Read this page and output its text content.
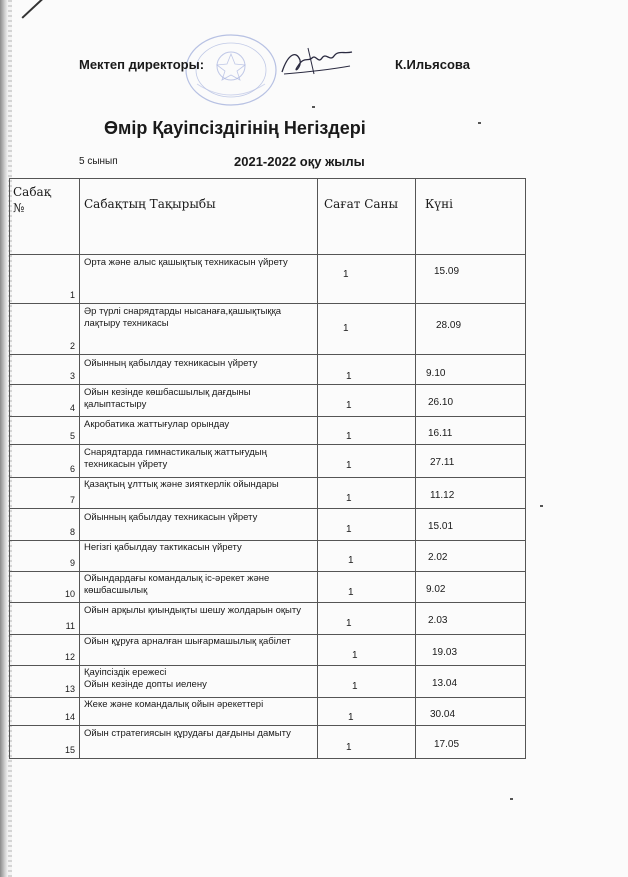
Мектеп директоры:	К.Ильясова
Өмір Қауіпсіздігінің Негіздері
5 сынып	2021-2022 оқу жылы
Сабақ №	Сабақтың Тақырыбы	Сағат Саны	Күні

1	Орта және алыс қашықтық техникасын үйрету	1	15.09

2	Әр түрлі снарядтарды нысанаға,қашықтыққа лақтыру техникасы	1	28.09

3	Ойынның қабылдау техникасын үйрету	1	9.10

4	Ойын кезінде көшбасшылық дағдыны қалыптастыру	1	26.10

5	Акробатика жаттығулар орындау	1	16.11

6	Снарядтарда гимнастикалық жаттығудың техникасын үйрету	1	27.11

7	Қазақтың ұлттық және зияткерлік ойындары	1	11.12

8	Ойынның қабылдау техникасын үйрету	1	15.01

9	Негізгі қабылдау тактикасын үйрету	1	2.02

10	Ойындардағы командалық іс-әрекет және көшбасшылық	1	9.02

11	Ойын арқылы қиындықты шешу жолдарын оқыту	1	2.03

12	Ойын құруға арналған шығармашылық қабілет	1	19.03

13	Қауіпсіздік ережесі
Ойын кезінде допты иелену	1	13.04

14	Жеке және командалық ойын әрекеттері	1	30.04

15	Ойын стратегиясын құрудағы дағдыны дамыту	1	17.05
